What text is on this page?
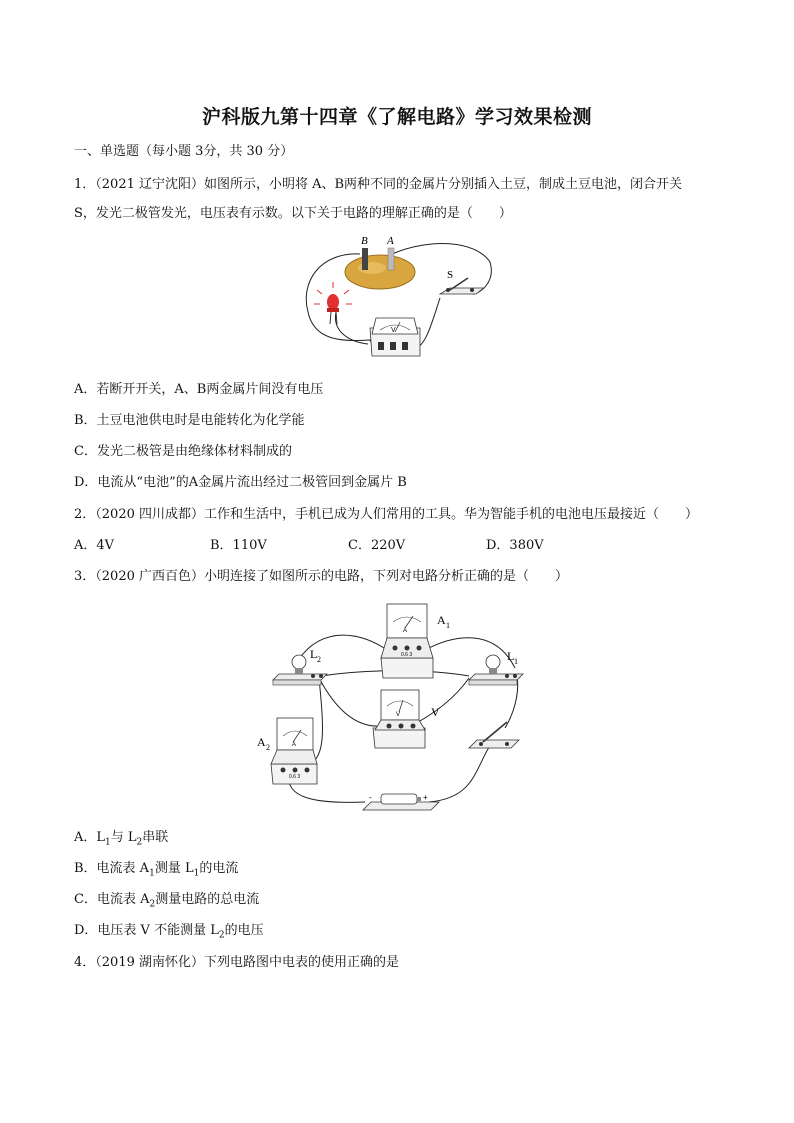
沪科版九第十四章《了解电路》学习效果检测
一、单选题（每小题 3分，共 30 分）
1．（2021 辽宁沈阳）如图所示，小明将 A、B两种不同的金属片分别插入土豆，制成土豆电池，闭合开关
S，发光二极管发光，电压表有示数。以下关于电路的理解正确的是（　　）
B A
S
V
A．若断开开关，A、B两金属片间没有电压
B．土豆电池供电时是电能转化为化学能
C．发光二极管是由绝缘体材料制成的
D．电流从“电池”的A金属片流出经过二极管回到金属片 B
2．（2020 四川成都）工作和生活中，手机已成为人们常用的工具。华为智能手机的电池电压最接近（　　）
A．4V	B．110V	C．220V	D．380V
3．（2020 广西百色）小明连接了如图所示的电路，下列对电路分析正确的是（　　）
A
0.6 3
A 1
L 2	L 1
V	V
A
0.6 3
A 2
-	+
A．$L_1$与 $L_2$串联
B．电流表 $A_1$测量 $L_1$的电流
C．电流表 $A_2$测量电路的总电流
D．电压表 V 不能测量 $L_2$的电压
4．（2019 湖南怀化）下列电路图中电表的使用正确的是
